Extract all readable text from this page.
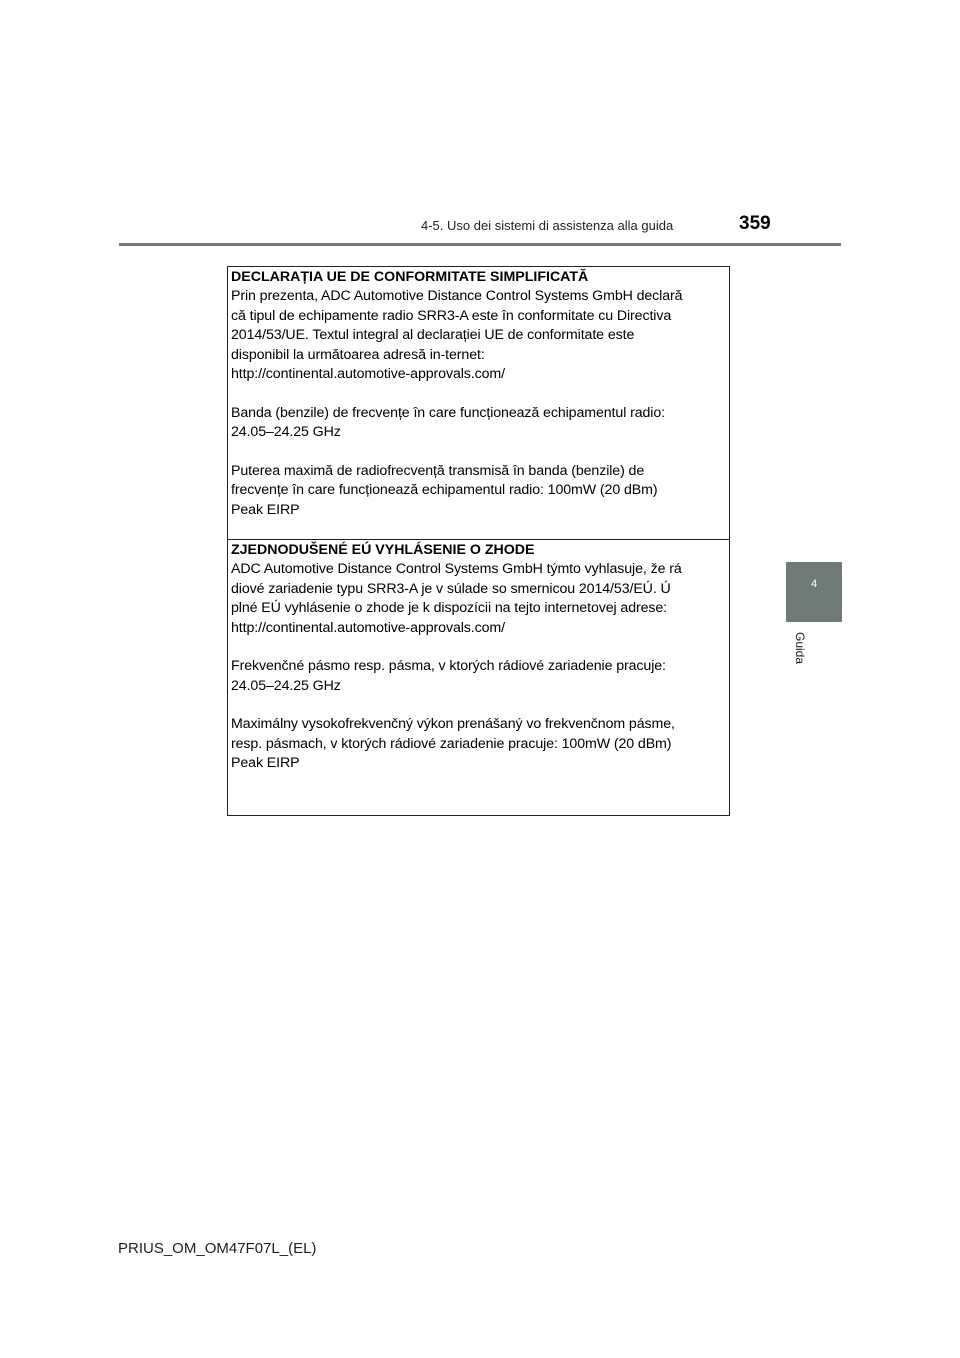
4-5. Uso dei sistemi di assistenza alla guida	359
4
Guida
DECLARAȚIA UE DE CONFORMITATE SIMPLIFICATĂ

Prin prezenta, ADC Automotive Distance Control Systems GmbH declară
că tipul de echipamente radio SRR3-A este în conformitate cu Directiva
2014/53/UE. Textul integral al declarației UE de conformitate este
disponibil la următoarea adresă in-ternet:
http://continental.automotive-approvals.com/

Banda (benzile) de frecvențe în care funcționează echipamentul radio:
24.05–24.25 GHz

Puterea maximă de radiofrecvență transmisă în banda (benzile) de
frecvențe în care funcționează echipamentul radio: 100mW (20 dBm)
Peak EIRP

ZJEDNODUŠENÉ EÚ VYHLÁSENIE O ZHODE

ADC Automotive Distance Control Systems GmbH týmto vyhlasuje, že rá
diové zariadenie typu SRR3-A je v súlade so smernicou 2014/53/EÚ. Ú
plné EÚ vyhlásenie o zhode je k dispozícii na tejto internetovej adrese:
http://continental.automotive-approvals.com/

Frekvenčné pásmo resp. pásma, v ktorých rádiové zariadenie pracuje:
24.05–24.25 GHz

Maximálny vysokofrekvenčný výkon prenášaný vo frekvenčnom pásme,
resp. pásmach, v ktorých rádiové zariadenie pracuje: 100mW (20 dBm)
Peak EIRP

PRIUS_OM_OM47F07L_(EL)
